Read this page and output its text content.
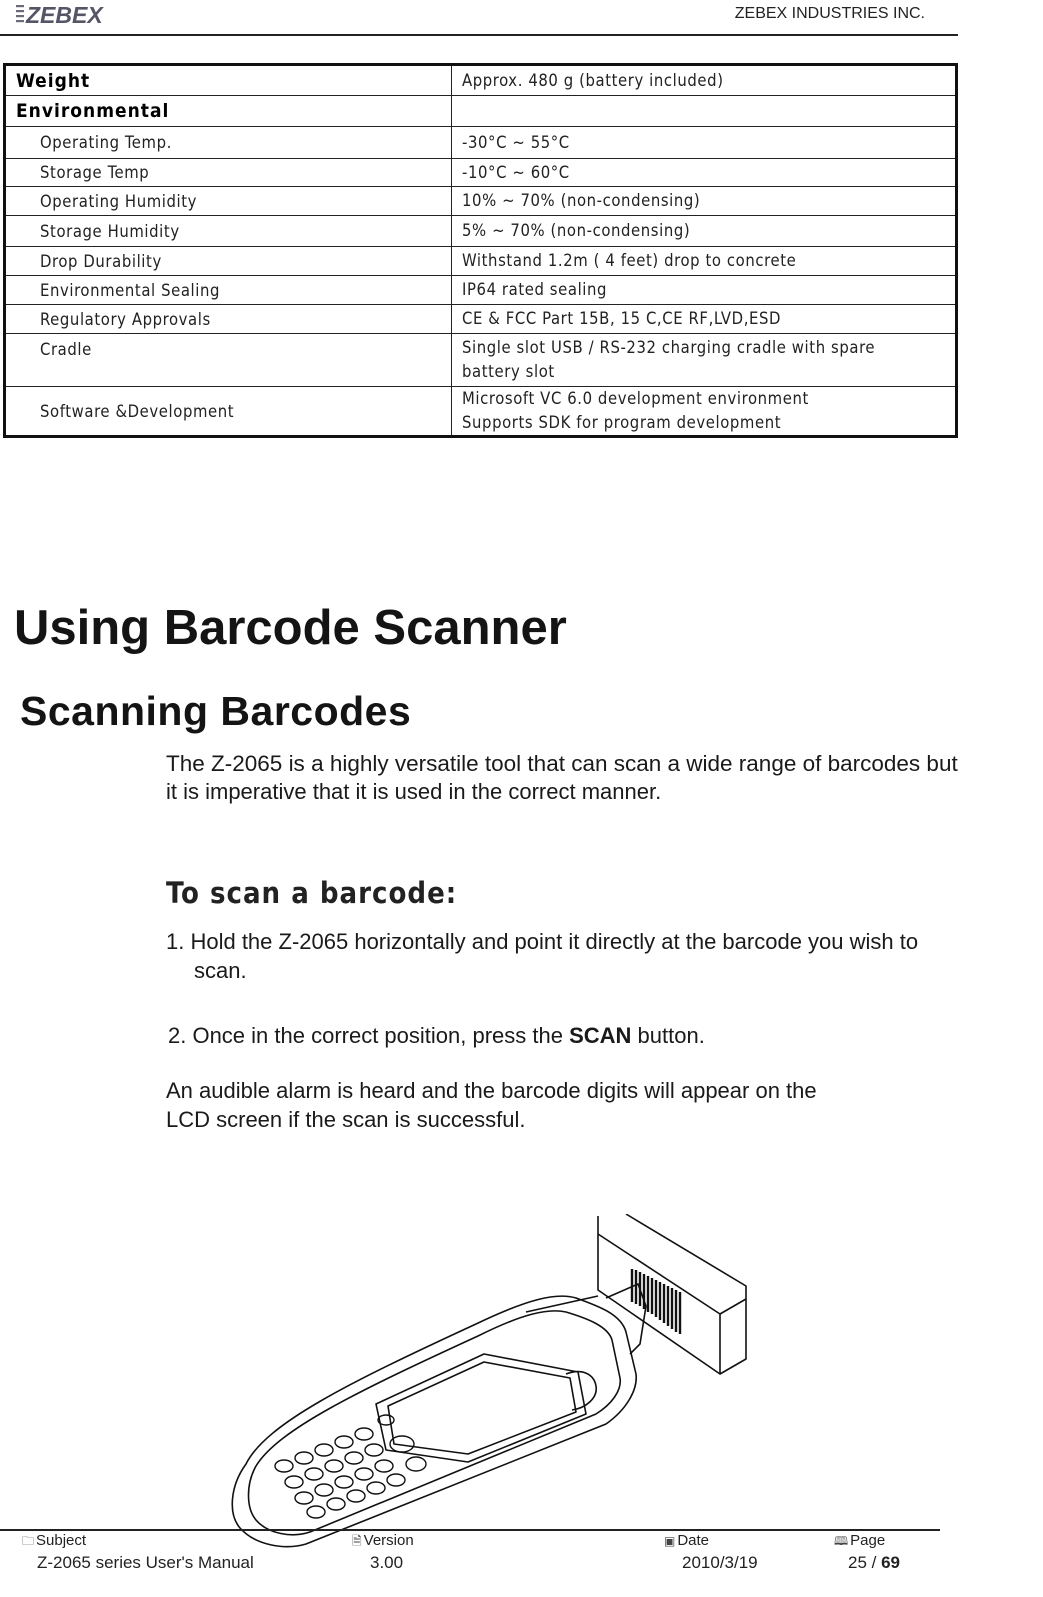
ZEBEX	ZEBEX INDUSTRIES INC.
Weight	Approx. 480 g (battery included)

Environmental	

Operating Temp.	-30°C ~ 55°C

Storage Temp	-10°C ~ 60°C

Operating Humidity	10% ~ 70% (non-condensing)

Storage Humidity	5% ~ 70% (non-condensing)

Drop Durability	Withstand 1.2m ( 4 feet) drop to concrete

Environmental Sealing	IP64 rated sealing

Regulatory Approvals	CE & FCC Part 15B, 15 C,CE RF,LVD,ESD

Cradle	Single slot USB / RS-232 charging cradle with spare
battery slot

Software &Development	Microsoft VC 6.0 development environment
Supports SDK for program development
Using Barcode Scanner
Scanning Barcodes
The Z-2065 is a highly versatile tool that can scan a wide range of barcodes but
it is imperative that it is used in the correct manner.
To scan a barcode:
1. Hold the Z-2065 horizontally and point it directly at the barcode you wish to
scan.
2. Once in the correct position, press the SCAN button.
An audible alarm is heard and the barcode digits will appear on the
LCD screen if the scan is successful.
🗀 Subject
Z-2065 series User's Manual
🗎 Version
3.00
▣ Date
2010/3/19
🕮 Page
25 / 69
